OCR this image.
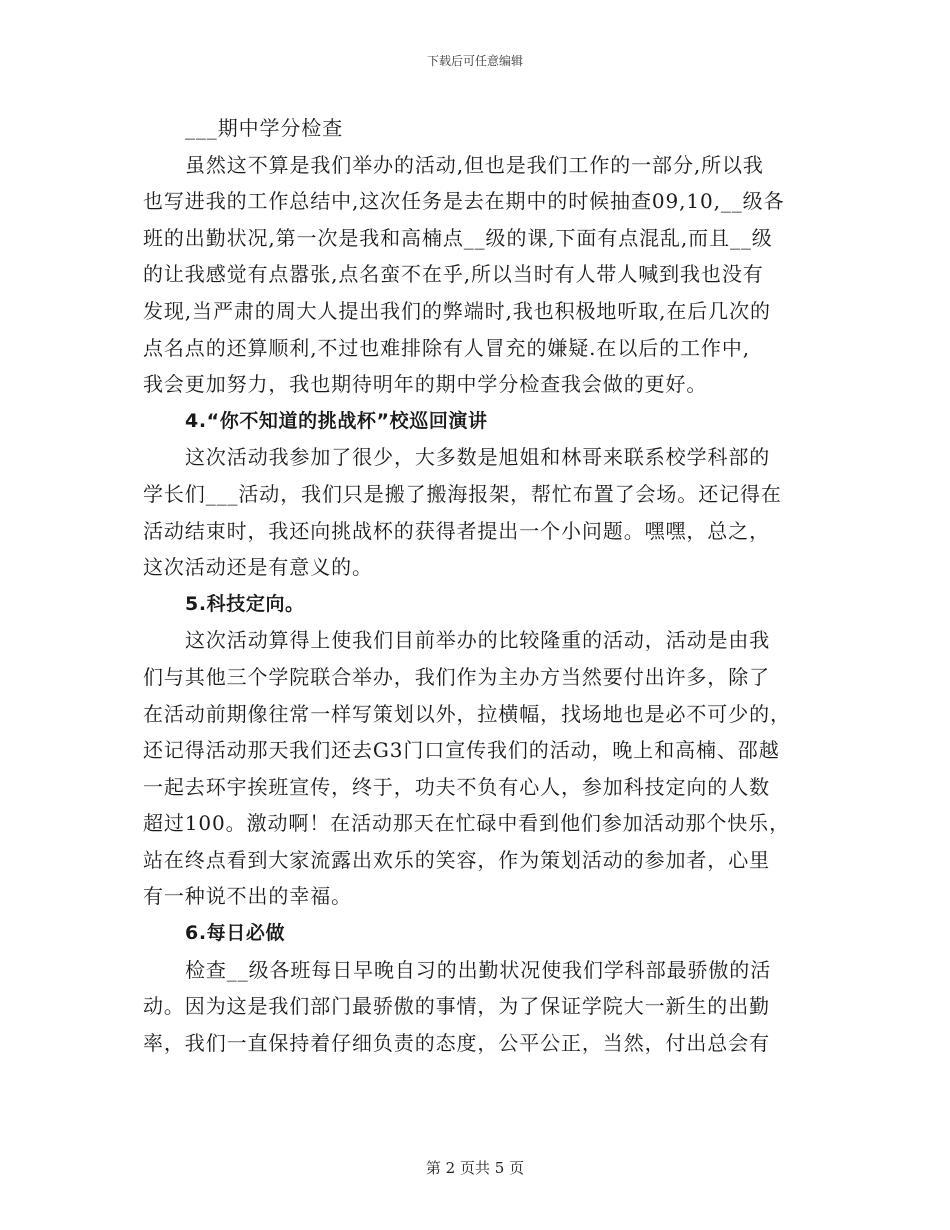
下载后可任意编辑
___期中学分检查
虽然这不算是我们举办的活动,但也是我们工作的一部分,所以我
也写进我的工作总结中,这次任务是去在期中的时候抽查09,10,__级各
班的出勤状况,第一次是我和高楠点__级的课,下面有点混乱,而且__级
的让我感觉有点嚣张,点名蛮不在乎,所以当时有人带人喊到我也没有
发现,当严肃的周大人提出我们的弊端时,我也积极地听取,在后几次的
点名点的还算顺利,不过也难排除有人冒充的嫌疑.在以后的工作中,
我会更加努力，我也期待明年的期中学分检查我会做的更好。
4.“你不知道的挑战杯”校巡回演讲
这次活动我参加了很少，大多数是旭姐和林哥来联系校学科部的
学长们___活动，我们只是搬了搬海报架，帮忙布置了会场。还记得在
活动结束时，我还向挑战杯的获得者提出一个小问题。嘿嘿，总之，
这次活动还是有意义的。
5.科技定向。
这次活动算得上使我们目前举办的比较隆重的活动，活动是由我
们与其他三个学院联合举办，我们作为主办方当然要付出许多，除了
在活动前期像往常一样写策划以外，拉横幅，找场地也是必不可少的，
还记得活动那天我们还去G3门口宣传我们的活动，晚上和高楠、邵越
一起去环宇挨班宣传，终于，功夫不负有心人，参加科技定向的人数
超过100。激动啊！在活动那天在忙碌中看到他们参加活动那个快乐，
站在终点看到大家流露出欢乐的笑容，作为策划活动的参加者，心里
有一种说不出的幸福。
6.每日必做
检查__级各班每日早晚自习的出勤状况使我们学科部最骄傲的活
动。因为这是我们部门最骄傲的事情，为了保证学院大一新生的出勤
率，我们一直保持着仔细负责的态度，公平公正，当然，付出总会有
第 2 页共 5 页
